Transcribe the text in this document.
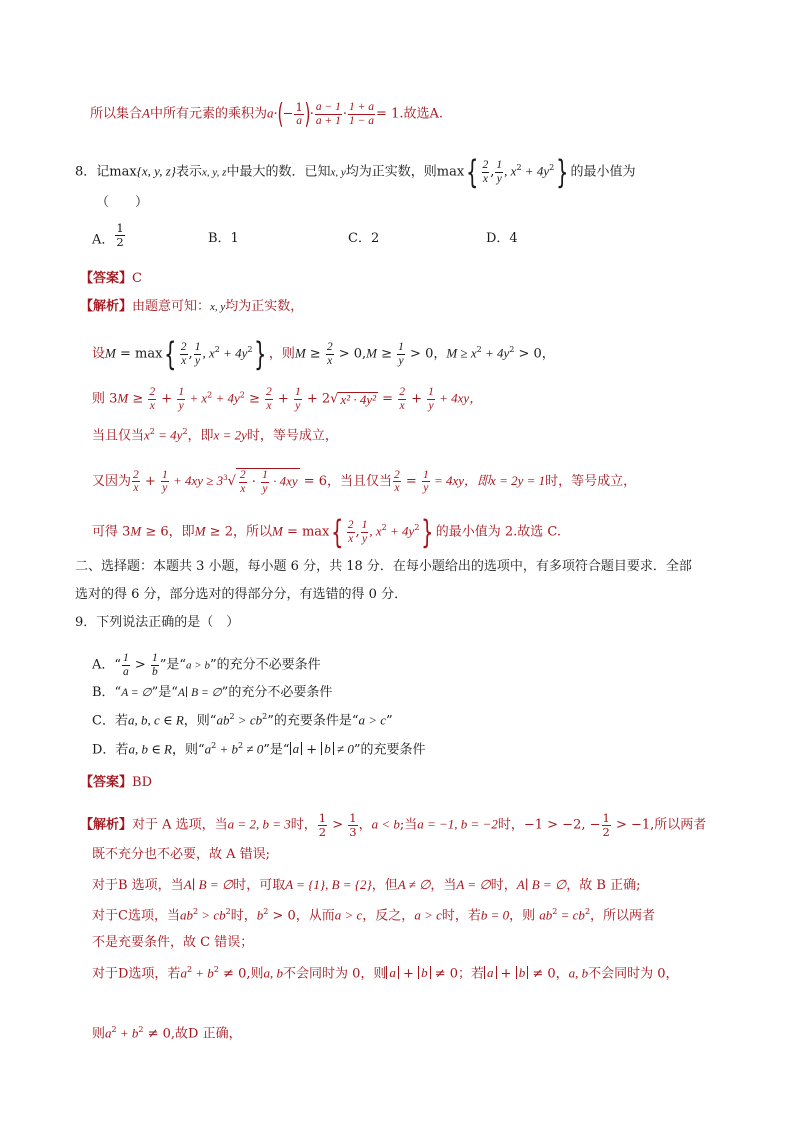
所以集合A中所有元素的乘积为$a\cdot(- \frac{1}{a}$ )· $\frac{a - 1}{a + 1} \cdot \frac{1 + a}{1 - a} = 1$.故选A.
8．记max{x, y, z}表示x, y, z中最大的数．已知x, y均为正实数，则$\max\{ \frac{2}{x}$ , $\frac{1}{y}$ , $x^2 + 4y^2$} 的最小值为
（　　）
A． $\frac{1}{2}$	B．1	C．2	D．4
【答案】C
【解析】由题意可知：x, y均为正实数，
设$M = \max\{ \frac{2}{x}$ , $\frac{1}{y}$ , $x^2 + 4y^2$} ，则$M \ge \frac{2}{x} > 0,M \ge \frac{1}{y} > 0$，$M \ge x^2 + 4y^2 > 0$，
则 $3M \ge \frac{2}{x} + \frac{1}{y} + x^2 + 4y^2 \ge \frac{2}{x} + \frac{1}{y} + 2√$ $x^2 \cdot 4y^2 = \frac{2}{x} + \frac{1}{y} + 4xy$，
当且仅当$x^2 = 4y^2$，即x = 2y时，等号成立，
又因为 $\frac{2}{x} + \frac{1}{y} + 4xy \ge 3^3√ \frac{2}{x} \cdot \frac{1}{y} \cdot 4xy = 6$，当且仅当 $\frac{2}{x} = \frac{1}{y} = 4xy$，即x = 2y = 1时，等号成立，
可得 3M ≥ 6，即M ≥ 2，所以$M = \max\{ \frac{2}{x}$ , $\frac{1}{y}$ , $x^2 + 4y^2$} 的最小值为 2.故选 C.
二、选择题：本题共 3 小题，每小题 6 分，共 18 分．在每小题给出的选项中，有多项符合题目要求．全部
选对的得 6 分，部分选对的得部分分，有选错的得 0 分．
9．下列说法正确的是（　）
A．“ $\frac{1}{a} > \frac{1}{b}$ ”是“a > b”的充分不必要条件
B．“A = ∅”是“A∣ B = ∅”的充分不必要条件
C．若a, b, c ∈ R，则“$ab^2 > cb^2$”的充要条件是“a > c”
D．若a, b ∈ R，则“$a^2 + b^2 \ne 0$”是“ a + b ≠ 0”的充要条件
【答案】BD
【解析】对于 A 选项，当a = 2, b = 3时， $\frac{1}{2} > \frac{1}{3}$ ，a < b;当a = −1, b = −2时，−1 > −2, − $\frac{1}{2} > -1$,所以两者
既不充分也不必要，故 A 错误;
对于B 选项，当A∣ B = ∅时，可取A = {1}, B = {2}，但A ≠ ∅，当A = ∅时，A∣ B = ∅，故 B 正确;
对于C选项，当$ab^2 > cb^2$时，$b^2 > 0$，从而a > c，反之，a > c时，若b = 0，则 $ab^2 = cb^2$，所以两者
不是充要条件，故 C 错误；
对于D选项，若$a^2 + b^2 \ne 0$,则a, b不会同时为 0，则 a + b ≠ 0；若 a + b ≠ 0，a, b不会同时为 0，
则$a^2 + b^2 \ne 0$,故D 正确，
